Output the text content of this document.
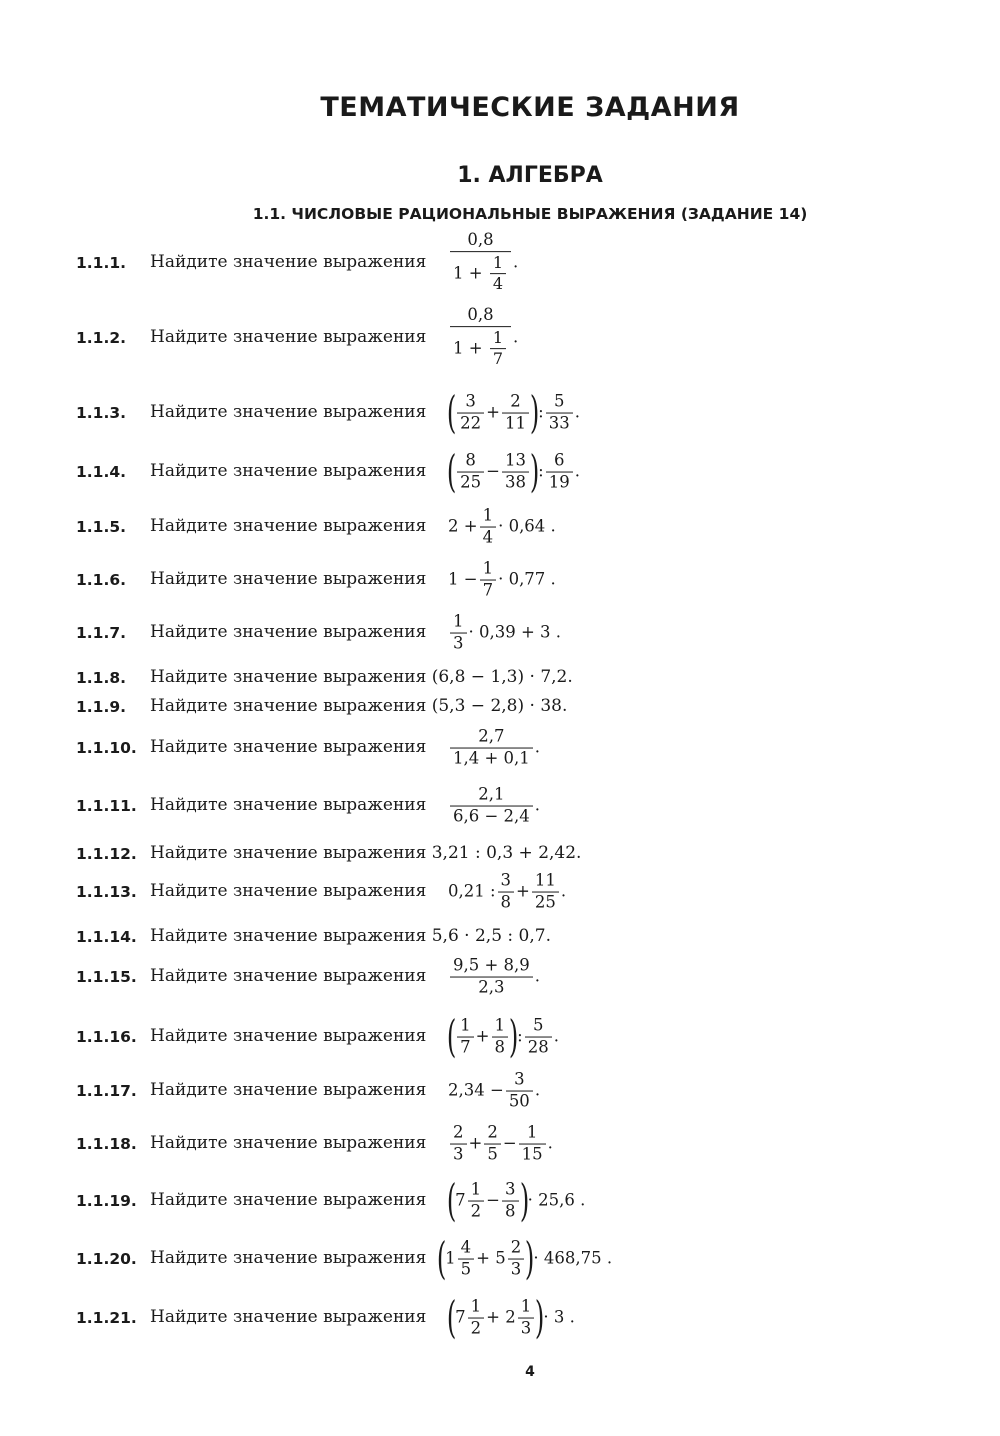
ТЕМАТИЧЕСКИЕ ЗАДАНИЯ
1. АЛГЕБРА
1.1. ЧИСЛОВЫЕ РАЦИОНАЛЬНЫЕ ВЫРАЖЕНИЯ (ЗАДАНИЕ 14)
1.1.1. Найдите значение выражения $\frac{0,8}{1 + \frac{1}{4}}$ .
1.1.2. Найдите значение выражения $\frac{0,8}{1 + \frac{1}{7}}$ .
1.1.3. Найдите значение выражения ( $\frac{3}{22} + \frac{2}{11}$ ): $\frac{5}{33}$ .
1.1.4. Найдите значение выражения ( $\frac{8}{25} - \frac{13}{38}$ ): $\frac{6}{19}$ .
1.1.5. Найдите значение выражения $2 + \frac{1}{4} \cdot 0,64$ .
1.1.6. Найдите значение выражения $1 - \frac{1}{7} \cdot 0,77$ .
1.1.7. Найдите значение выражения $\frac{1}{3} \cdot 0,39 + 3$ .
1.1.8. Найдите значение выражения (6,8 − 1,3) · 7,2.
1.1.9. Найдите значение выражения (5,3 − 2,8) · 38.
1.1.10. Найдите значение выражения $\frac{2,7}{1,4 + 0,1}$ .
1.1.11. Найдите значение выражения $\frac{2,1}{6,6 - 2,4}$ .
1.1.12. Найдите значение выражения 3,21 : 0,3 + 2,42.
1.1.13. Найдите значение выражения 0,21 : $\frac{3}{8} + \frac{11}{25}$ .
1.1.14. Найдите значение выражения 5,6 · 2,5 : 0,7.
1.1.15. Найдите значение выражения $\frac{9,5 + 8,9}{2,3}$ .
1.1.16. Найдите значение выражения ( $\frac{1}{7} + \frac{1}{8}$ ): $\frac{5}{28}$ .
1.1.17. Найдите значение выражения $2,34 - \frac{3}{50}$ .
1.1.18. Найдите значение выражения $\frac{2}{3} + \frac{2}{5} - \frac{1}{15}$ .
1.1.19. Найдите значение выражения ($7 \frac{1}{2} - \frac{3}{8}$ )· 25,6 .
1.1.20. Найдите значение выражения ($1 \frac{4}{5} + 5 \frac{2}{3}$ )· 468,75 .
1.1.21. Найдите значение выражения ($7 \frac{1}{2} + 2 \frac{1}{3}$ )· 3 .
4
